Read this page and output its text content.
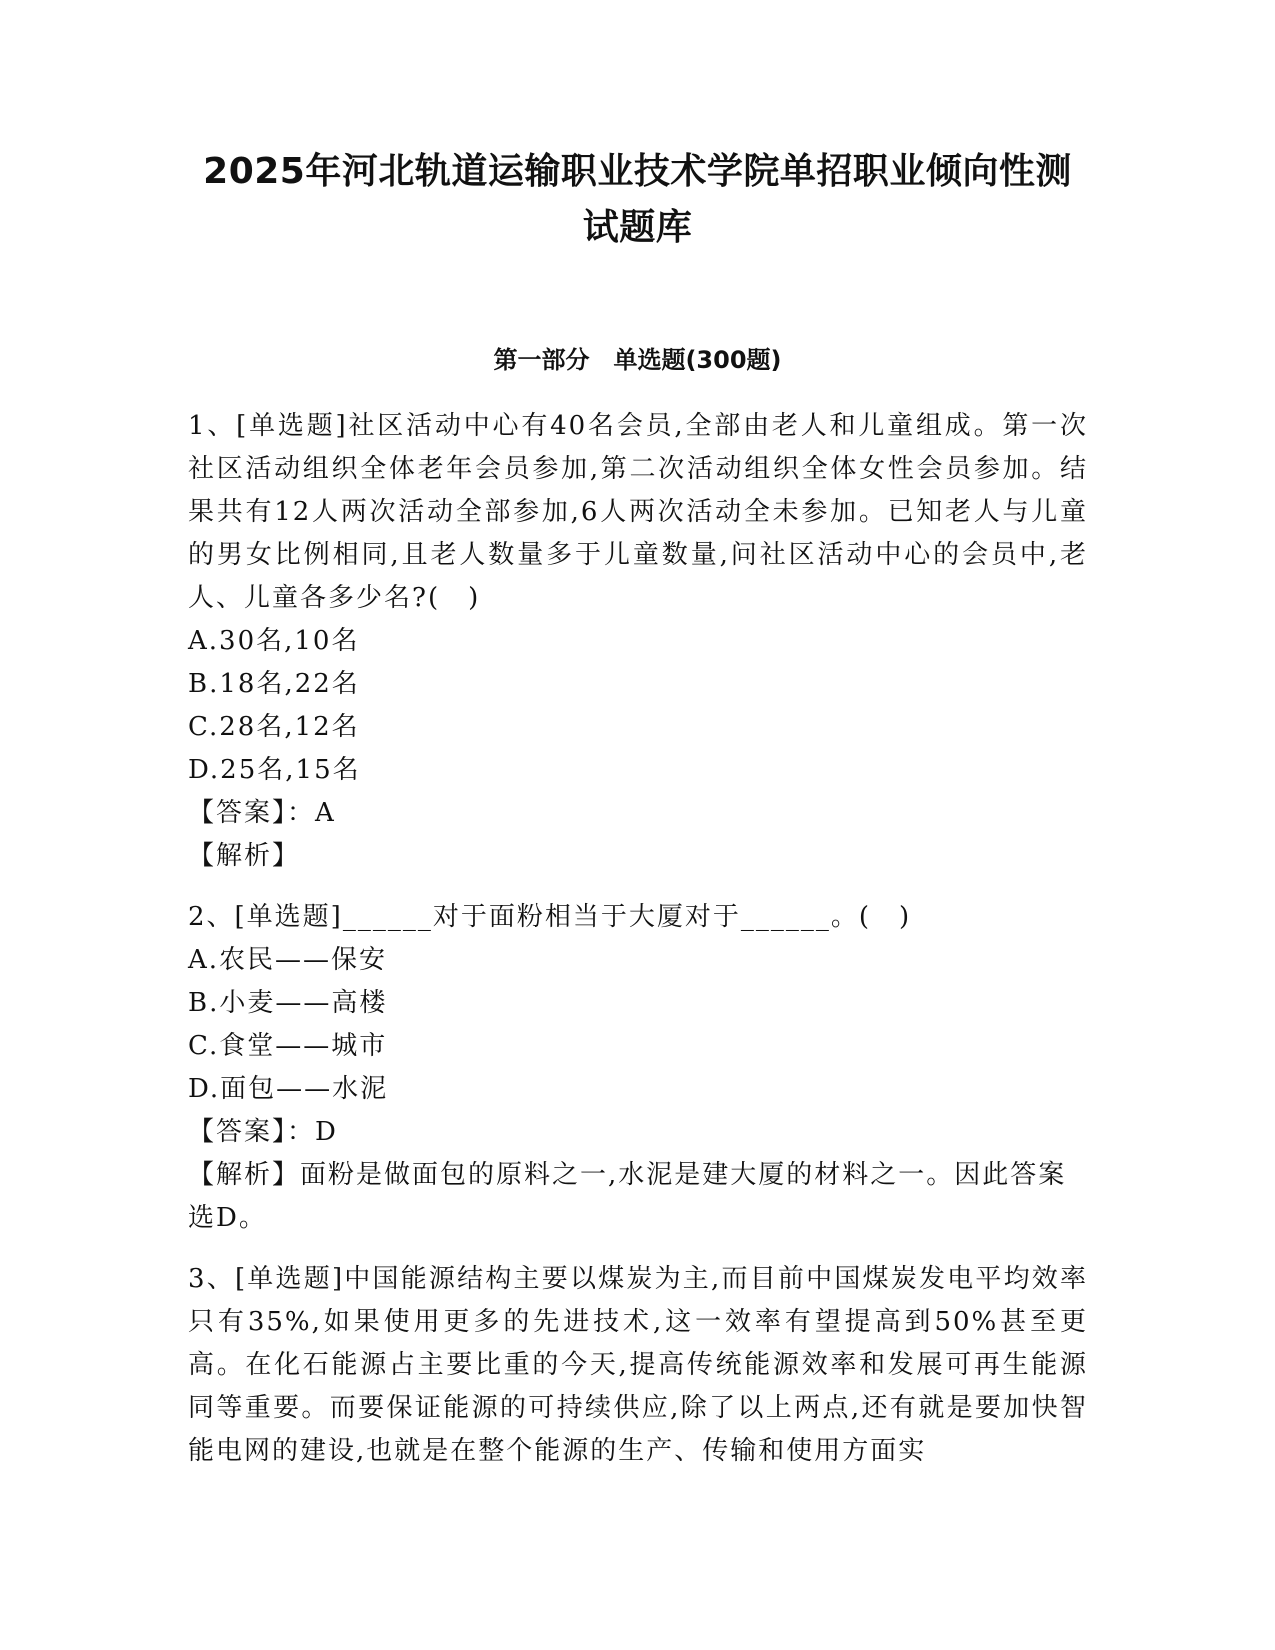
2025年河北轨道运输职业技术学院单招职业倾向性测
试题库
第一部分　单选题(300题)

1、[单选题]社区活动中心有40名会员,全部由老人和儿童组成。第一次社区活动组织全体老年会员参加,第二次活动组织全体女性会员参加。结果共有12人两次活动全部参加,6人两次活动全未参加。已知老人与儿童的男女比例相同,且老人数量多于儿童数量,问社区活动中心的会员中,老人、儿童各多少名?(　)

A.30名,10名

B.18名,22名

C.28名,12名

D.25名,15名

【答案】：A

【解析】

2、[单选题]______对于面粉相当于大厦对于______。(　)

A.农民——保安

B.小麦——高楼

C.食堂——城市

D.面包——水泥

【答案】：D

【解析】面粉是做面包的原料之一,水泥是建大厦的材料之一。因此答案选D。

3、[单选题]中国能源结构主要以煤炭为主,而目前中国煤炭发电平均效率只有35%,如果使用更多的先进技术,这一效率有望提高到50%甚至更高。在化石能源占主要比重的今天,提高传统能源效率和发展可再生能源同等重要。而要保证能源的可持续供应,除了以上两点,还有就是要加快智能电网的建设,也就是在整个能源的生产、传输和使用方面实
